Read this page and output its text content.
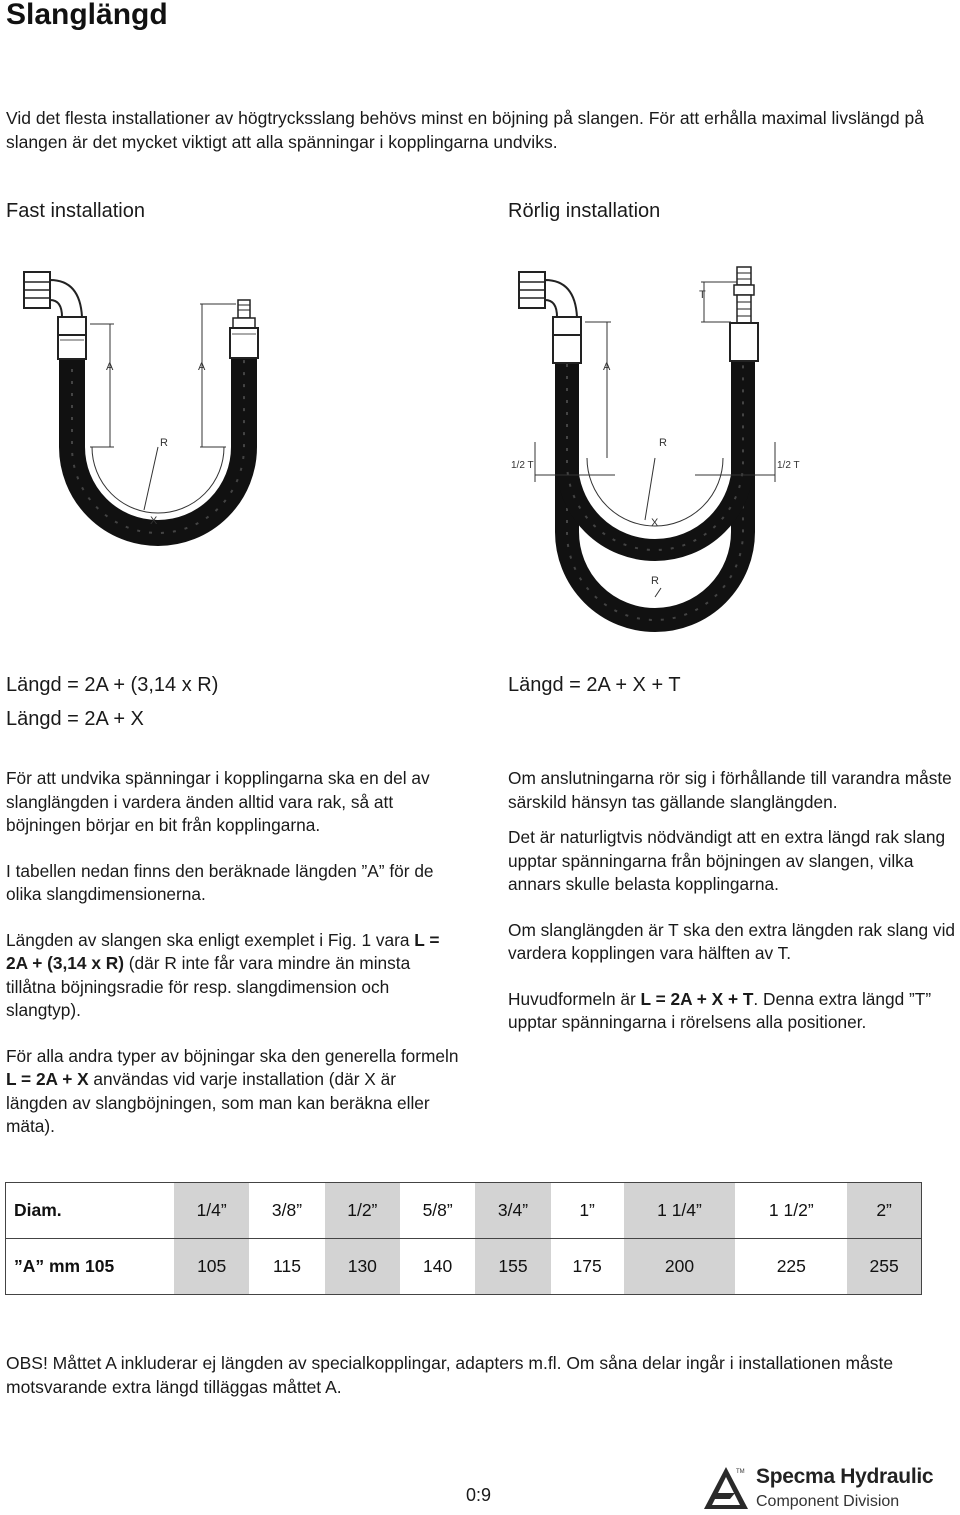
Slanglängd
Vid det flesta installationer av högtrycksslang behövs minst en böjning på slangen. För att erhålla maximal livslängd på slangen är det mycket viktigt att alla spänningar i kopplingarna undviks.
Fast installation	Rörlig installation
A	A
R
X
A
T
R
1/2 T	1/2 T
X
R
Längd = 2A + (3,14 x R)
Längd = 2A + X
Längd = 2A + X + T

För att undvika spänningar i kopplingarna ska en del av slanglängden i vardera änden alltid vara rak, så att böjningen börjar en bit från kopplingarna.

I tabellen nedan finns den beräknade längden ”A” för de olika slangdimensionerna.

Längden av slangen ska enligt exemplet i Fig. 1 vara L = 2A + (3,14 x R) (där R inte får vara mindre än minsta tillåtna böjningsradie för resp. slangdimension och slangtyp).

För alla andra typer av böjningar ska den generella formeln L = 2A + X användas vid varje installation (där X är längden av slangböjningen, som man kan beräkna eller mäta).

Om anslutningarna rör sig i förhållande till varandra måste särskild hänsyn tas gällande slanglängden.

Det är naturligtvis nödvändigt att en extra längd rak slang upptar spänningarna från böjningen av slangen, vilka annars skulle belasta kopplingarna.

Om slanglängden är T ska den extra längden rak slang vid vardera kopplingen vara hälften av T.

Huvudformeln är L = 2A + X + T. Denna extra längd ”T” upptar spänningarna i rörelsens alla positioner.

Diam.	1/4”	3/8”	1/2”	5/8”	3/4”	1”	1 1/4”	1 1/2”	2”
”A” mm 105	105	115	130	140	155	175	200	225	255
OBS! Måttet A inkluderar ej längden av specialkopplingar, adapters m.fl. Om såna delar ingår i installationen måste motsvarande extra längd tilläggas måttet A.
0:9
TM Specma Hydraulic
Component Division
